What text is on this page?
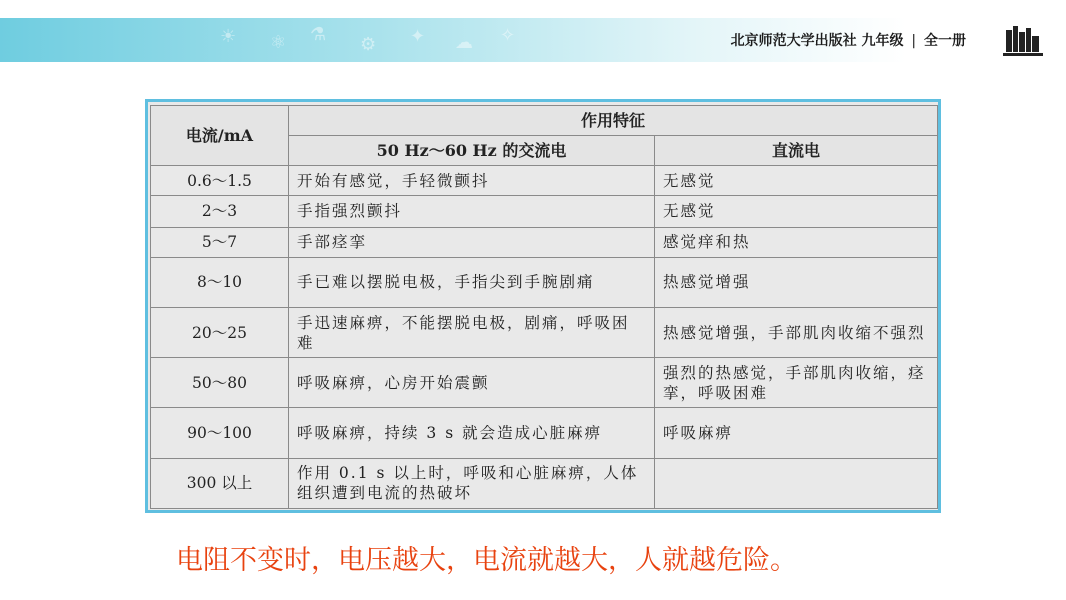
☀ ⚛ ⚗ ⚙ ✦ ☁ ✧	北京师范大学出版社 九年级 | 全一册
电流/mA	作用特征	
	50 Hz～60 Hz 的交流电	直流电
0.6～1.5	开始有感觉，手轻微颤抖	无感觉
2～3	手指强烈颤抖	无感觉
5～7	手部痉挛	感觉痒和热
8～10	手已难以摆脱电极，手指尖到手腕剧痛	热感觉增强
20～25	手迅速麻痹，不能摆脱电极，剧痛，呼吸困难	热感觉增强，手部肌肉收缩不强烈
50～80	呼吸麻痹，心房开始震颤	强烈的热感觉，手部肌肉收缩，痉挛，呼吸困难
90～100	呼吸麻痹，持续 3 s 就会造成心脏麻痹	呼吸麻痹
300 以上	作用 0.1 s 以上时，呼吸和心脏麻痹，人体组织遭到电流的热破坏	
电阻不变时，电压越大，电流就越大，人就越危险。
